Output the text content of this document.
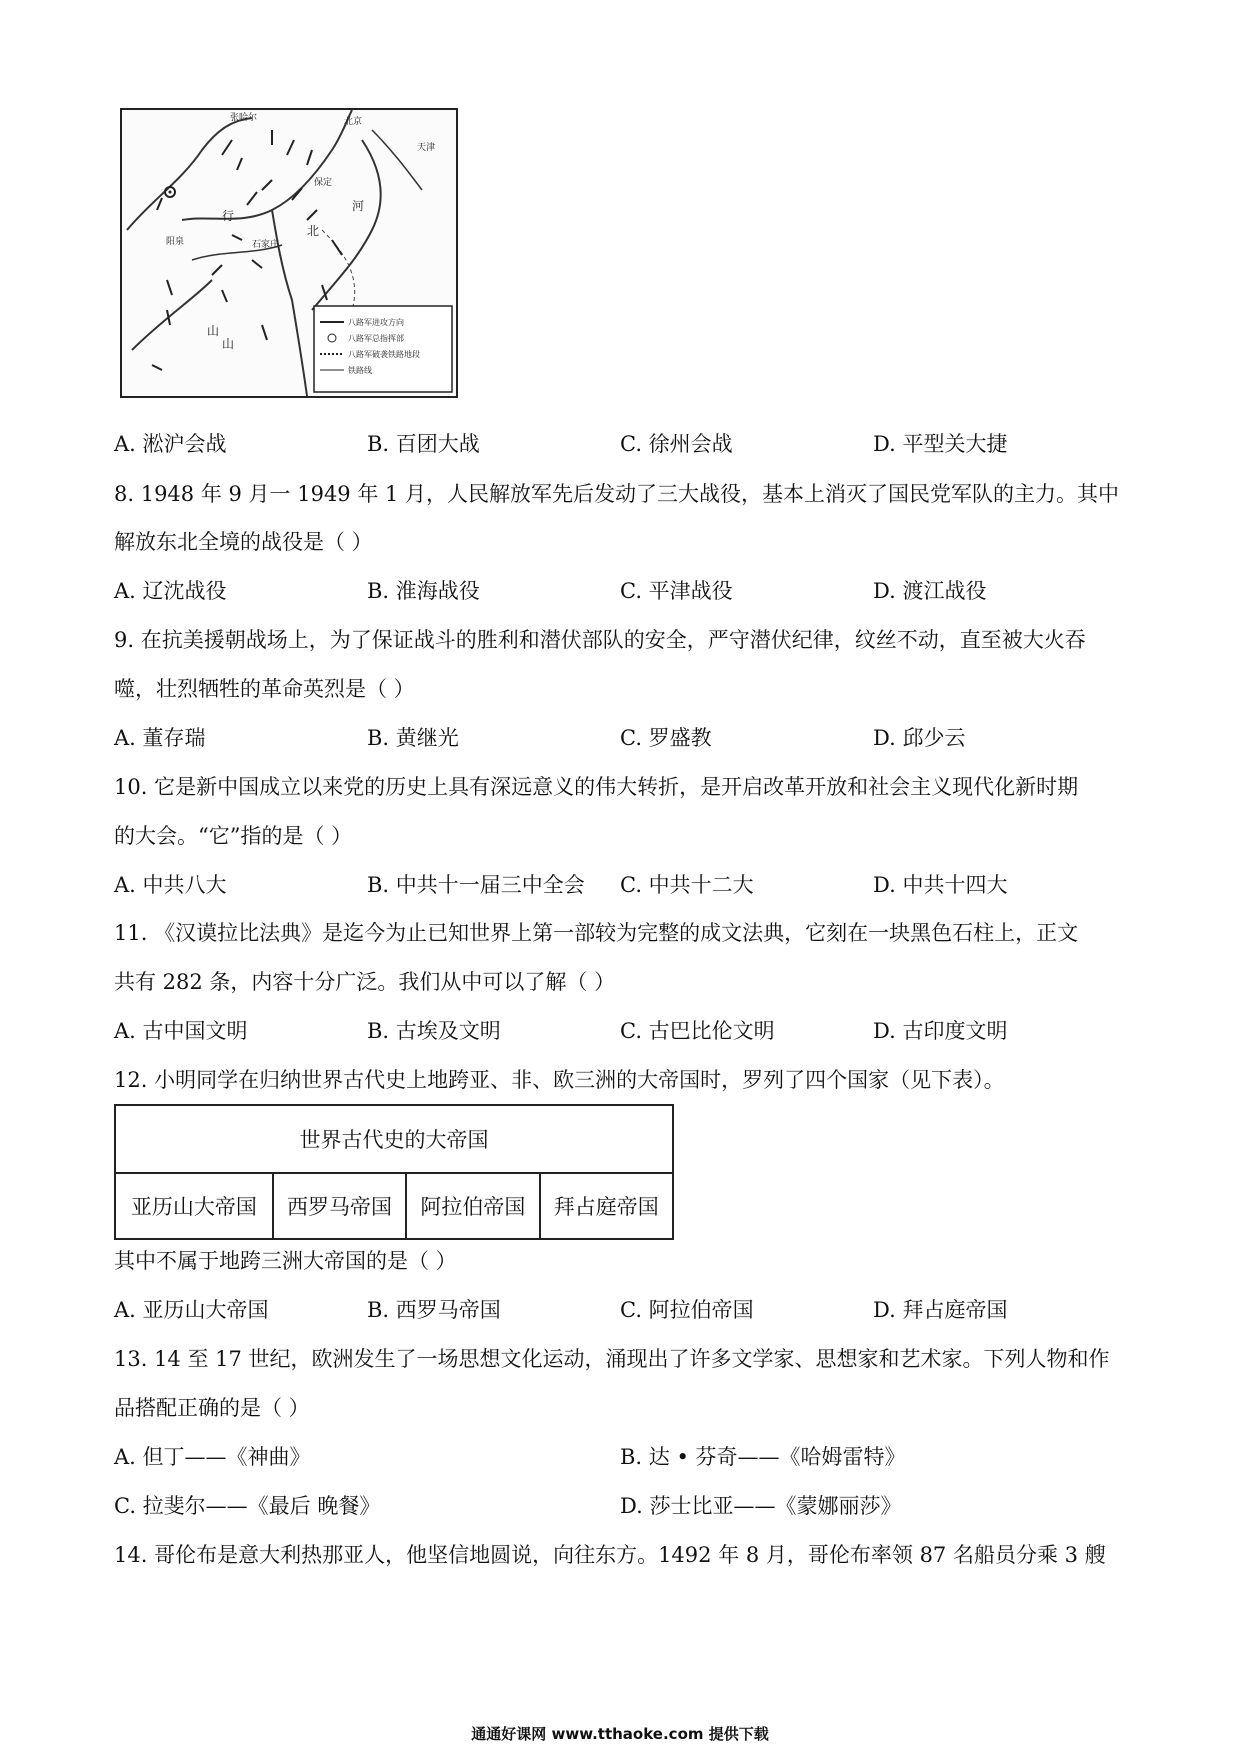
张哈尔	北京
天津
保定
阳泉	石家庄
行
北
河
山
山
八路军进攻方向
八路军总指挥部
八路军破袭铁路地段
铁路线
A. 淞沪会战	B. 百团大战	C. 徐州会战	D. 平型关大捷
8. 1948 年 9 月一 1949 年 1 月，人民解放军先后发动了三大战役，基本上消灭了国民党军队的主力。其中
解放东北全境的战役是（ ）
A. 辽沈战役	B. 淮海战役	C. 平津战役	D. 渡江战役
9. 在抗美援朝战场上，为了保证战斗的胜利和潜伏部队的安全，严守潜伏纪律，纹丝不动，直至被大火吞
噬，壮烈牺牲的革命英烈是（ ）
A. 董存瑞	B. 黄继光	C. 罗盛教	D. 邱少云
10. 它是新中国成立以来党的历史上具有深远意义的伟大转折，是开启改革开放和社会主义现代化新时期
的大会。“它”指的是（ ）
A. 中共八大	B. 中共十一届三中全会 C. 中共十二大	D. 中共十四大
11. 《汉谟拉比法典》是迄今为止已知世界上第一部较为完整的成文法典，它刻在一块黑色石柱上，正文
共有 282 条，内容十分广泛。我们从中可以了解（ ）
A. 古中国文明	B. 古埃及文明	C. 古巴比伦文明	D. 古印度文明
12. 小明同学在归纳世界古代史上地跨亚、非、欧三洲的大帝国时，罗列了四个国家（见下表）。
世界古代史的大帝国
亚历山大帝国	西罗马帝国	阿拉伯帝国	拜占庭帝国
其中不属于地跨三洲大帝国的是（ ）
A. 亚历山大帝国	B. 西罗马帝国	C. 阿拉伯帝国	D. 拜占庭帝国
13. 14 至 17 世纪，欧洲发生了一场思想文化运动，涌现出了许多文学家、思想家和艺术家。下列人物和作
品搭配正确的是（ ）
A. 但丁——《神曲》	B. 达 • 芬奇——《哈姆雷特》
C. 拉斐尔——《最后 晚餐》	D. 莎士比亚——《蒙娜丽莎》
14. 哥伦布是意大利热那亚人，他坚信地圆说，向往东方。1492 年 8 月，哥伦布率领 87 名船员分乘 3 艘
通通好课网 www.tthaoke.com 提供下载
